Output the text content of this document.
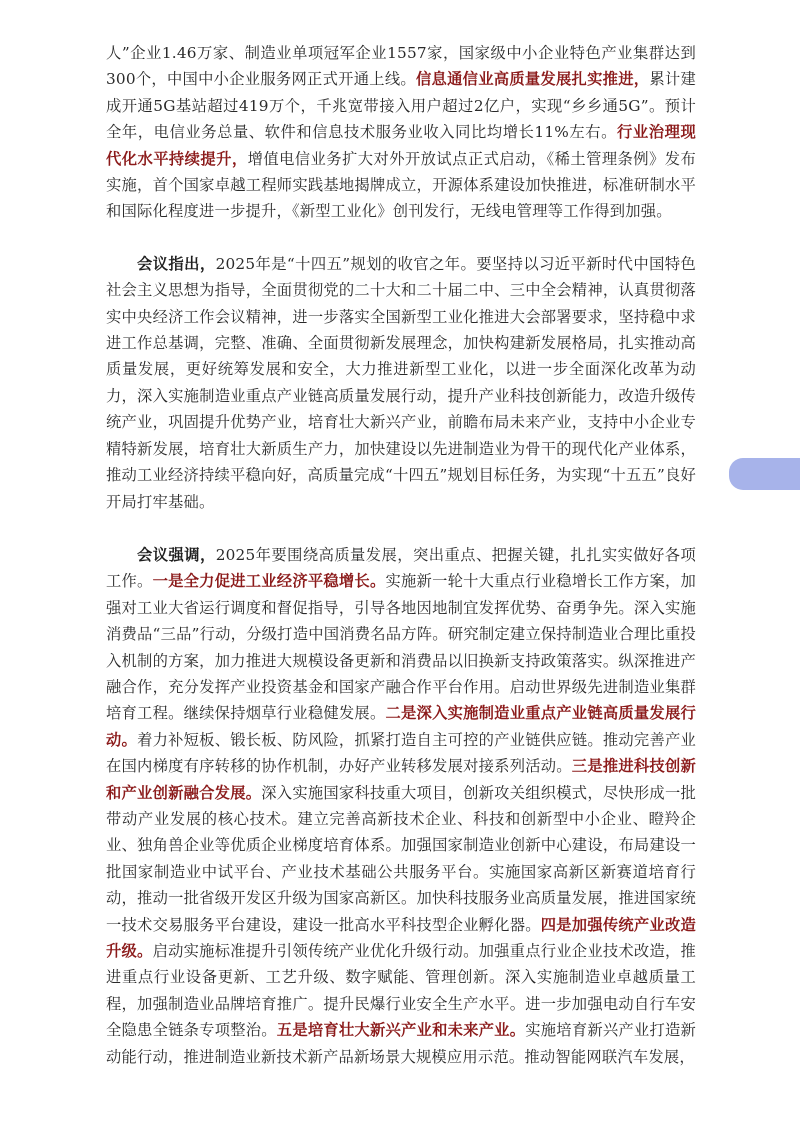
人”企业1.46万家、制造业单项冠军企业1557家，国家级中小企业特色产业集群达到300个，中国中小企业服务网正式开通上线。信息通信业高质量发展扎实推进，累计建成开通5G基站超过419万个，千兆宽带接入用户超过2亿户，实现“乡乡通5G”。预计全年，电信业务总量、软件和信息技术服务业收入同比均增长11%左右。行业治理现代化水平持续提升，增值电信业务扩大对外开放试点正式启动，《稀土管理条例》发布实施，首个国家卓越工程师实践基地揭牌成立，开源体系建设加快推进，标准研制水平和国际化程度进一步提升，《新型工业化》创刊发行，无线电管理等工作得到加强。

会议指出，2025年是“十四五”规划的收官之年。要坚持以习近平新时代中国特色社会主义思想为指导，全面贯彻党的二十大和二十届二中、三中全会精神，认真贯彻落实中央经济工作会议精神，进一步落实全国新型工业化推进大会部署要求，坚持稳中求进工作总基调，完整、准确、全面贯彻新发展理念，加快构建新发展格局，扎实推动高质量发展，更好统筹发展和安全，大力推进新型工业化，以进一步全面深化改革为动力，深入实施制造业重点产业链高质量发展行动，提升产业科技创新能力，改造升级传统产业，巩固提升优势产业，培育壮大新兴产业，前瞻布局未来产业，支持中小企业专精特新发展，培育壮大新质生产力，加快建设以先进制造业为骨干的现代化产业体系，推动工业经济持续平稳向好，高质量完成“十四五”规划目标任务，为实现“十五五”良好开局打牢基础。

会议强调，2025年要围绕高质量发展，突出重点、把握关键，扎扎实实做好各项工作。一是全力促进工业经济平稳增长。实施新一轮十大重点行业稳增长工作方案，加强对工业大省运行调度和督促指导，引导各地因地制宜发挥优势、奋勇争先。深入实施消费品“三品”行动，分级打造中国消费名品方阵。研究制定建立保持制造业合理比重投入机制的方案，加力推进大规模设备更新和消费品以旧换新支持政策落实。纵深推进产融合作，充分发挥产业投资基金和国家产融合作平台作用。启动世界级先进制造业集群培育工程。继续保持烟草行业稳健发展。二是深入实施制造业重点产业链高质量发展行动。着力补短板、锻长板、防风险，抓紧打造自主可控的产业链供应链。推动完善产业在国内梯度有序转移的协作机制，办好产业转移发展对接系列活动。三是推进科技创新和产业创新融合发展。深入实施国家科技重大项目，创新攻关组织模式，尽快形成一批带动产业发展的核心技术。建立完善高新技术企业、科技和创新型中小企业、瞪羚企业、独角兽企业等优质企业梯度培育体系。加强国家制造业创新中心建设，布局建设一批国家制造业中试平台、产业技术基础公共服务平台。实施国家高新区新赛道培育行动，推动一批省级开发区升级为国家高新区。加快科技服务业高质量发展，推进国家统一技术交易服务平台建设，建设一批高水平科技型企业孵化器。四是加强传统产业改造升级。启动实施标准提升引领传统产业优化升级行动。加强重点行业企业技术改造，推进重点行业设备更新、工艺升级、数字赋能、管理创新。深入实施制造业卓越质量工程，加强制造业品牌培育推广。提升民爆行业安全生产水平。进一步加强电动自行车安全隐患全链条专项整治。五是培育壮大新兴产业和未来产业。实施培育新兴产业打造新动能行动，推进制造业新技术新产品新场景大规模应用示范。推动智能网联汽车发展，
